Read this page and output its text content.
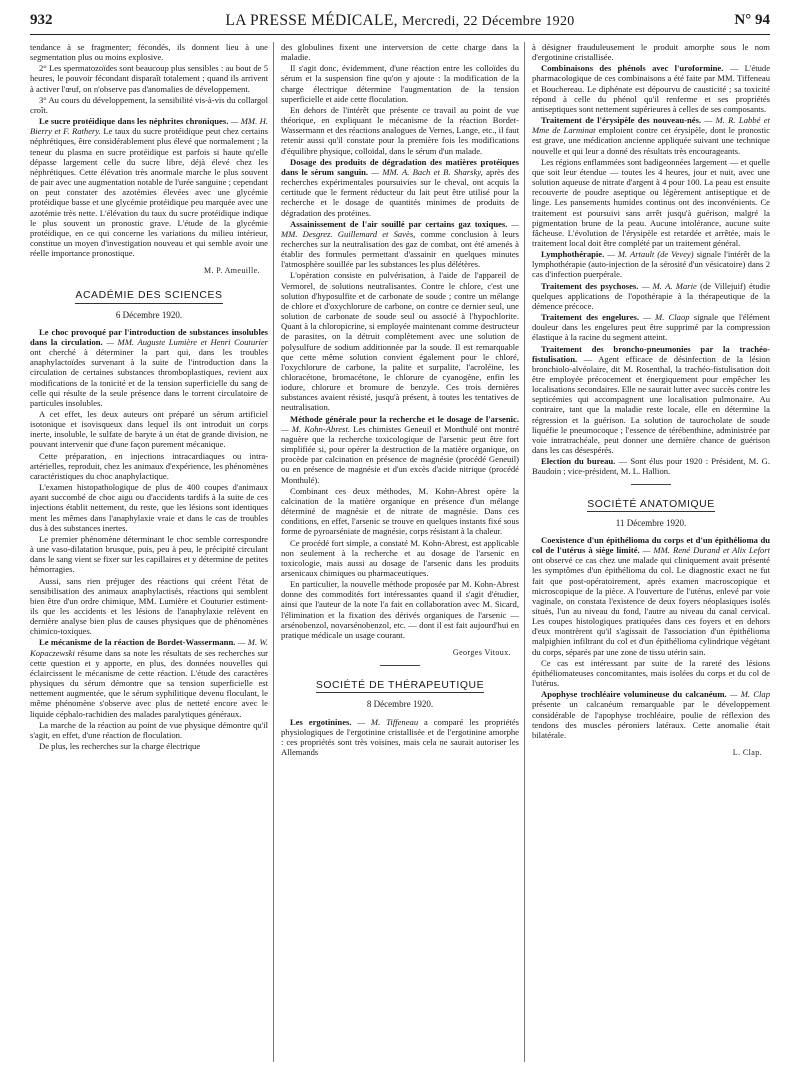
932	LA PRESSE MÉDICALE, Mercredi, 22 Décembre 1920	N° 94

tendance à se fragmenter; fécondés, ils donnent lieu à une segmentation plus ou moins explosive.

2° Les spermatozoïdes sont beaucoup plus sensibles : au bout de 5 heures, le pouvoir fécondant disparaît totalement ; quand ils arrivent à activer l'œuf, on n'observe pas d'anomalies de développement.

3° Au cours du développement, la sensibilité vis-à-vis du collargol croît.

Le sucre protéidique dans les néphrites chroniques. — MM. H. Bierry et F. Rathery. Le taux du sucre protéidique peut chez certains néphrétiques, être considérablement plus élevé que normalement ; la teneur du plasma en sucre protéidique est parfois si haute qu'elle dépasse largement celle du sucre libre, déjà élevé chez les néphrétiques. Cette élévation très anormale marche le plus souvent de pair avec une augmentation notable de l'urée sanguine ; cependant on peut constater des azotémies élevées avec une glycémie protéidique basse et une glycémie protéidique peu marquée avec une azotémie très nette. L'élévation du taux du sucre protéidique indique le plus souvent un pronostic grave. L'étude de la glycémie protéidique, en ce qui concerne les variations du milieu intérieur, constitue un moyen d'investigation nouveau et qui semble avoir une réelle importance pronostique.

M. P. Ameuille.

ACADÉMIE DES SCIENCES
6 Décembre 1920.

Le choc provoqué par l'introduction de substances insolubles dans la circulation. — MM. Auguste Lumière et Henri Couturier ont cherché à déterminer la part qui, dans les troubles anaphylactoïdes survenant à la suite de l'introduction dans la circulation de certaines substances thromboplastiques, revient aux modifications de la tonicité et de la tension superficielle du sang de celle qui résulte de la seule présence dans le torrent circulatoire de particules insolubles.

A cet effet, les deux auteurs ont préparé un sérum artificiel isotonique et isovisqueux dans lequel ils ont introduit un corps inerte, insoluble, le sulfate de baryte à un état de grande division, ne pouvant intervenir que d'une façon purement mécanique.

Cette préparation, en injections intracardiaques ou intra-artérielles, reproduit, chez les animaux d'expérience, les phénomènes caractéristiques du choc anaphylactique.

L'examen histopathologique de plus de 400 coupes d'animaux ayant succombé de choc aigu ou d'accidents tardifs à la suite de ces injections établit nettement, du reste, que les lésions sont identiques ment les mêmes dans l'anaphylaxie vraie et dans le cas de troubles dus à des substances inertes.

Le premier phénomène déterminant le choc semble correspondre à une vaso-dilatation brusque, puis, peu à peu, le précipité circulant dans le sang vient se fixer sur les capillaires et y détermine de petites hémorragies.

Aussi, sans rien préjuger des réactions qui créent l'état de sensibilisation des animaux anaphylactisés, réactions qui semblent bien être d'un ordre chimique, MM. Lumière et Couturier estiment-ils que les accidents et les lésions de l'anaphylaxie relèvent en dernière analyse bien plus de causes physiques que de phénomènes chimico-toxiques.

Le mécanisme de la réaction de Bordet-Wassermann. — M. W. Kopaczewski résume dans sa note les résultats de ses recherches sur cette question et y apporte, en plus, des données nouvelles qui éclaircissent le mécanisme de cette réaction. L'étude des caractères physiques du sérum démontre que sa tension superficielle est nettement augmentée, que le sérum syphilitique devenu floculant, le même phénomène s'observe avec plus de netteté encore avec le liquide céphalo-rachidien des malades paralytiques généraux.

La marche de la réaction au point de vue physique démontre qu'il s'agit, en effet, d'une réaction de floculation.

De plus, les recherches sur la charge électrique

des globulines fixent une interversion de cette charge dans la maladie.

Il s'agit donc, évidemment, d'une réaction entre les colloïdes du sérum et la suspension fine qu'on y ajoute : la modification de la charge électrique détermine l'augmentation de la tension superficielle et aide cette floculation.

En dehors de l'intérêt que présente ce travail au point de vue théorique, en expliquant le mécanisme de la réaction Bordet-Wassermann et des réactions analogues de Vernes, Lange, etc., il faut retenir aussi qu'il constate pour la première fois les modifications d'équilibre physique, colloïdal, dans le sérum d'un malade.

Dosage des produits de dégradation des matières protéiques dans le sérum sanguin. — MM. A. Bach et B. Sharsky, après des recherches expérimentales poursuivies sur le cheval, ont acquis la certitude que le ferment réducteur du lait peut être utilisé pour la recherche et le dosage de quantités minimes de produits de dégradation des protéines.

Assainissement de l'air souillé par certains gaz toxiques. — MM. Desgrez. Guillemard et Savès, comme conclusion à leurs recherches sur la neutralisation des gaz de combat, ont été amenés à établir des formules permettant d'assainir en quelques minutes l'atmosphère souillée par les substances les plus délétères.

L'opération consiste en pulvérisation, à l'aide de l'appareil de Vermorel, de solutions neutralisantes. Contre le chlore, c'est une solution d'hyposulfite et de carbonate de soude ; contre un mélange de chlore et d'oxychlorure de carbone, on contre ce dernier seul, une solution de carbonate de soude seul ou associé à l'hypochlorite. Quant à la chloropicrine, si employée maintenant comme destructeur de parasites, on la détruit complètement avec une solution de polysulfure de sodium additionnée par la soude. Il est remarquable que cette même solution convient également pour le chloré, l'oxychlorure de carbone, la palite et surpalite, l'acroléine, les chloracétone, bromacétone, le chlorure de cyanogène, enfin les iodure, chlorure et bromure de benzyle. Ces trois dernières substances avaient résisté, jusqu'à présent, à toutes les tentatives de neutralisation.

Méthode générale pour la recherche et le dosage de l'arsenic. — M. Kohn-Abrest. Les chimistes Geneuil et Monthulé ont montré naguère que la recherche toxicologique de l'arsenic peut être fort simplifiée si, pour opérer la destruction de la matière organique, on procède par calcination en présence de magnésie (procédé Geneuil) ou en présence de magnésie et d'un excès d'acide nitrique (procédé Monthulé).

Combinant ces deux méthodes, M. Kohn-Abrest opère la calcination de la matière organique en présence d'un mélange déterminé de magnésie et de nitrate de magnésie. Dans ces conditions, en effet, l'arsenic se trouve en quelques instants fixé sous forme de pyroarséniate de magnésie, corps résistant à la chaleur.

Ce procédé fort simple, a constaté M. Kohn-Abrest, est applicable non seulement à la recherche et au dosage de l'arsenic en toxicologie, mais aussi au dosage de l'arsenic dans les produits arsenicaux chimiques ou pharmaceutiques.

En particulier, la nouvelle méthode proposée par M. Kohn-Abrest donne des commodités fort intéressantes quand il s'agit d'étudier, ainsi que l'auteur de la note l'a fait en collaboration avec M. Sicard, l'élimination et la fixation des dérivés organiques de l'arsenic — arsénobenzol, novarsénobenzol, etc. — dont il est fait aujourd'hui en pratique médicale un usage courant.

Georges Vitoux.

SOCIÉTÉ DE THÉRAPEUTIQUE
8 Décembre 1920.

Les ergotinines. — M. Tiffeneau a comparé les propriétés physiologiques de l'ergotinine cristallisée et de l'ergotinine amorphe : ces propriétés sont très voisines, mais cela ne saurait autoriser les Allemands

à désigner frauduleusement le produit amorphe sous le nom d'ergotinine cristallisée.

Combinaisons des phénols avec l'uroformine. — L'étude pharmacologique de ces combinaisons a été faite par MM. Tiffeneau et Bouchereau. Le diphénate est dépourvu de causticité ; sa toxicité répond à celle du phénol qu'il renferme et ses propriétés antiseptiques sont nettement supérieures à celles de ses composants.

Traitement de l'érysipèle des nouveau-nés. — M. R. Labbé et Mme de Larminat emploient contre cet érysipèle, dont le pronostic est grave, une médication ancienne appliquée suivant une technique nouvelle et qui leur a donné des résultats très encourageants.

Les régions enflammées sont badigeonnées largement — et quelle que soit leur étendue — toutes les 4 heures, jour et nuit, avec une solution aqueuse de nitrate d'argent à 4 pour 100. La peau est ensuite recouverte de poudre aseptique ou légèrement antiseptique et de linge. Les pansements humides continus ont des inconvénients. Ce traitement est poursuivi sans arrêt jusqu'à guérison, malgré la pigmentation brune de la peau. Aucune intolérance, aucune suite fâcheuse. L'évolution de l'érysipèle est retardée et arrêtée, mais le traitement local doit être complété par un traitement général.

Lymphothérapie. — M. Artault (de Vevey) signale l'intérêt de la lymphothérapie (auto-injection de la sérosité d'un vésicatoire) dans 2 cas d'infection puerpérale.

Traitement des psychoses. — M. A. Marie (de Villejuif) étudie quelques applications de l'opothérapie à la thérapeutique de la démence précoce.

Traitement des engelures. — M. Claop signale que l'élément douleur dans les engelures peut être supprimé par la compression élastique à la racine du segment atteint.

Traitement des broncho-pneumonies par la trachéo-fistulisation. — Agent efficace de désinfection de la lésion bronchiolo-alvéolaire, dit M. Rosenthal, la trachéo-fistulisation doit être employée précocement et énergiquement pour empêcher les localisations secondaires. Elle ne saurait lutter avec succès contre les septicémies qui accompagnent une localisation pulmonaire. Au contraire, tant que la maladie reste locale, elle en détermine la régression et la guérison. La solution de taurocholate de soude liquéfie le pneumocoque ; l'essence de térébenthine, administrée par voie intratrachéale, peut donner une dernière chance de guérison dans les cas désespérés.

Election du bureau. — Sont élus pour 1920 : Président, M. G. Baudoin ; vice-président, M. L. Hallion.

SOCIÉTÉ ANATOMIQUE
11 Décembre 1920.

Coexistence d'un épithélioma du corps et d'un épithélioma du col de l'utérus à siège limité. — MM. René Durand et Alix Lefort ont observé ce cas chez une malade qui cliniquement avait présenté les symptômes d'un épithélioma du col. Le diagnostic exact ne fut fait que post-opératoirement, après examen macroscopique et microscopique de la pièce. A l'ouverture de l'utérus, enlevé par voie vaginale, on constata l'existence de deux foyers néoplasiques isolés situés, l'un au niveau du fond, l'autre au niveau du canal cervical. Les coupes histologiques pratiquées dans ces foyers et en dehors d'eux montrèrent qu'il s'agissait de l'association d'un épithélioma malpighien infiltrant du col et d'un épithélioma cylindrique végétant du corps, séparés par une zone de tissu utérin sain.

Ce cas est intéressant par suite de la rareté des lésions épithéliomateuses concomitantes, mais isolées du corps et du col de l'utérus.

Apophyse trochléaire volumineuse du calcanéum. — M. Clap présente un calcanéum remarquable par le développement considérable de l'apophyse trochléaire, poulie de réflexion des tendons des muscles péroniers latéraux. Cette anomalie était bilatérale.

L. Clap.
